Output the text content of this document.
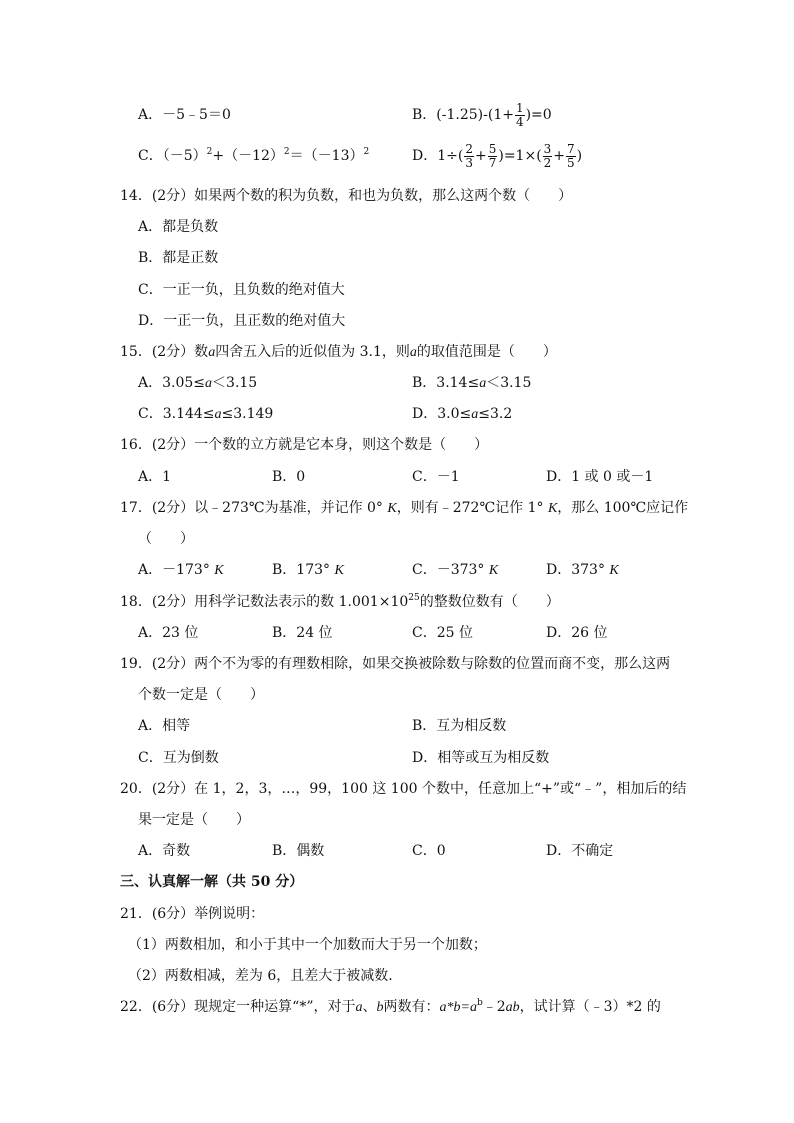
A．－5﹣5＝0	B．$(-1.25)-(1+ \frac{1}{4} )=0$
C．$(-5)^2+(-12)^2=(-13)^2$	D．$1\div( \frac{2}{3} + \frac{5}{7} )=1\times( \frac{3}{2} + \frac{7}{5}$ )
14．(2分）如果两个数的积为负数，和也为负数，那么这两个数（　　）
A．都是负数
B．都是正数
C．一正一负，且负数的绝对值大
D．一正一负，且正数的绝对值大
15．(2分）数a四舍五入后的近似值为 3.1，则a的取值范围是（　　）
A．3.05≤a＜3.15	B．3.14≤a＜3.15
C．3.144≤a≤3.149	D．3.0≤a≤3.2
16．(2分）一个数的立方就是它本身，则这个数是（　　）
A．1	B．0	C．－1	D．1 或 0 或－1
17．(2分）以﹣273℃为基准，并记作 0° K，则有﹣272℃记作 1° K，那么 100℃应记作
（　　）
A．－173° K	B．173° K	C．－373° K	D．373° K
18．(2分）用科学记数法表示的数 $1.001\times 10^{25}$的整数位数有（　　）
A．23 位	B．24 位	C．25 位	D．26 位
19．(2分）两个不为零的有理数相除，如果交换被除数与除数的位置而商不变，那么这两
个数一定是（　　）
A．相等	B．互为相反数
C．互为倒数	D．相等或互为相反数
20．(2分）在 1，2，3，…，99，100 这 100 个数中，任意加上“+”或“﹣”，相加后的结
果一定是（　　）
A．奇数	B．偶数	C．0	D．不确定
三、认真解一解（共 50 分）
21．(6分）举例说明：
（1）两数相加，和小于其中一个加数而大于另一个加数；
（2）两数相减，差为 6，且差大于被减数.
22．(6分）现规定一种运算“*”，对于a、b两数有：$a*b=a^b﹣2ab$，试计算（﹣3）*2 的
